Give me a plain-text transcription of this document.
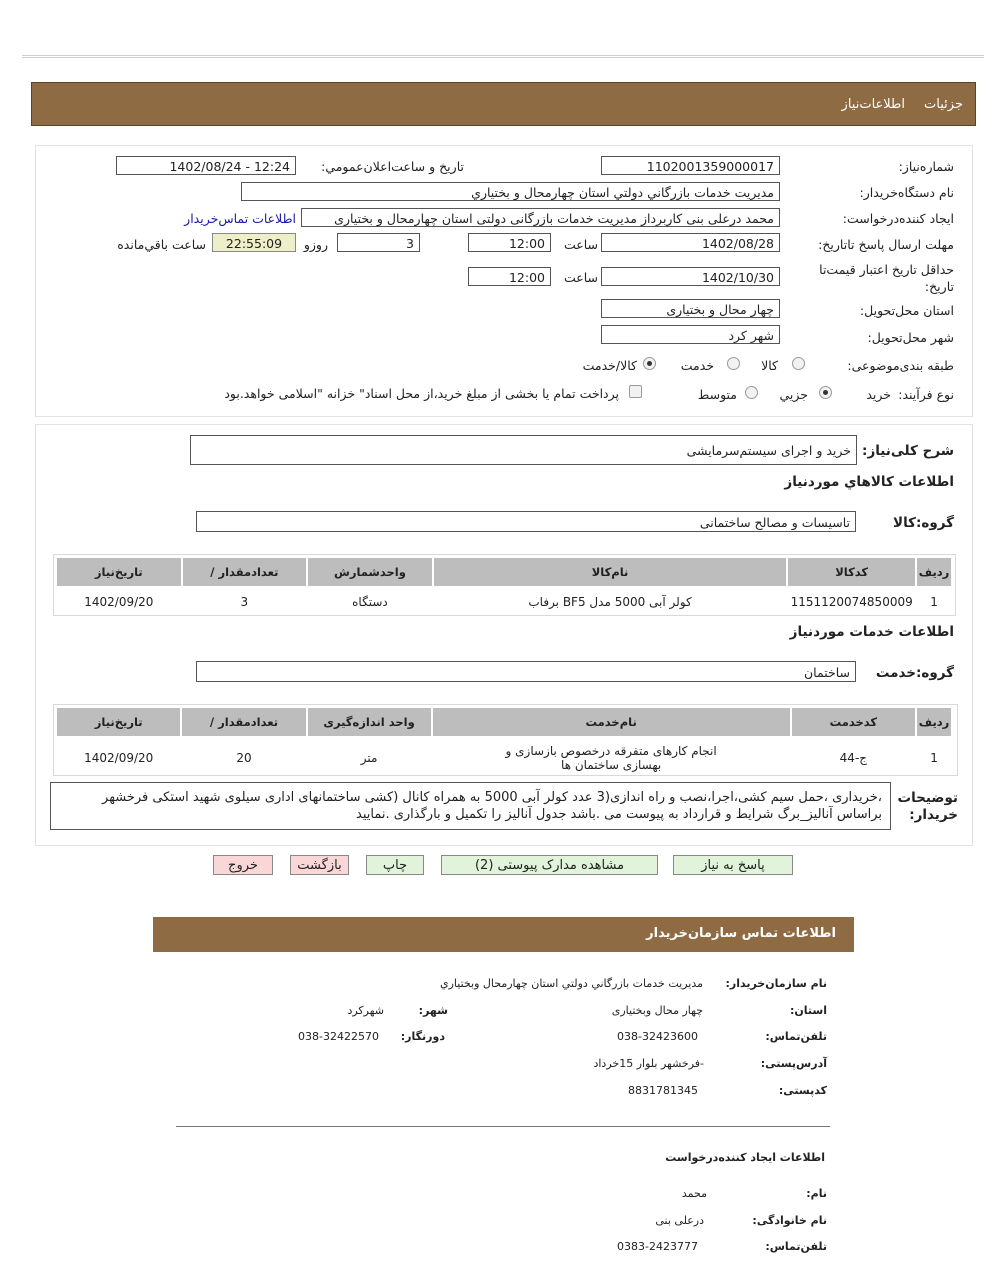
جزئیات
اطلاعات‌نیاز
شماره‌نیاز:
1102001359000017
تاریخ و ساعت‌اعلان‌عمومي:
1402/08/24 - 12:24
نام دستگاه‌خريدار:
مديريت خدمات بازرگاني دولتي استان چهارمحال و بختياري
ايجاد کننده‌درخواست:
محمد درعلی بنی کاربرداز مدیریت خدمات بازرگانی دولتی استان چهارمحال و بختیاری
اطلاعات تماس‌خريدار
مهلت ارسال پاسخ تا‌تاریخ:
1402/08/28
ساعت
12:00
3
روزو
22:55:09
ساعت باقي‌مانده
حداقل تاريخ اعتبار قيمت‌تا
تاريخ:
1402/10/30
ساعت
12:00
استان محل‌تحويل:
چهار محال و بختیاری
شهر محل‌تحويل:
شهر کرد
طبقه بندی‌موضوعی:
کالا
خدمت
کالا/خدمت
نوع فرآيند:
خريد
جزيي
متوسط
پرداخت تمام يا بخشی از مبلغ خريد،از محل اسناد" خزانه "اسلامی خواهد.بود
شرح کلی‌نياز:
خرید و اجرای سیستم‌سرمایشی
اطلاعات کالاهاي موردنياز
گروه:کالا
تاسیسات و مصالح ساختمانی
رديف	کدکالا	نام‌کالا	واحدشمارش	تعدادمقدار /	تاريخ‌نياز
1	1151120074850009	کولر آبی 5000 مدل BF5 برفاب	دستگاه	3	1402/09/20
اطلاعات خدمات موردنياز
گروه:خدمت
ساختمان
رديف	کدخدمت	نام‌خدمت	واحد اندازه‌گيری	تعدادمقدار /	تاريخ‌نياز
1	ج-44	انجام کارهای متفرقه درخصوص بازسازی و بهسازی ساختمان ها	متر	20	1402/09/20
توضيحات خريدار:
،خریداری ،حمل سیم کشی،اجرا،نصب و راه اندازی(3 عدد کولر آبی 5000 به همراه کانال (کشی ساختمانهای اداری سیلوی شهید استکی فرخشهر براساس آنالیز_برگ شرایط و قرارداد به پیوست می .باشد جدول آنالیز را تکمیل و بارگذاری .نمایید
پاسخ به نياز
مشاهده مدارک پیوستی (2)
چاپ
بازگشت
خروج
اطلاعات تماس سازمان‌خريدار
نام سازمان‌خريدار:
مديريت خدمات بازرگاني دولتي استان چهارمحال وبختياري
استان:
چهار محال وبختیاری
شهر:
شهرکرد
تلفن‌تماس:
038-32423600
دورنگار:
038-32422570
آدرس‌پستی:
-فرخشهر بلوار 15خرداد
کد‌پستی:
8831781345
اطلاعات ايجاد کننده‌درخواست
نام:
محمد
نام خانوادگی:
درعلی بنی
تلفن‌تماس:
0383-2423777
